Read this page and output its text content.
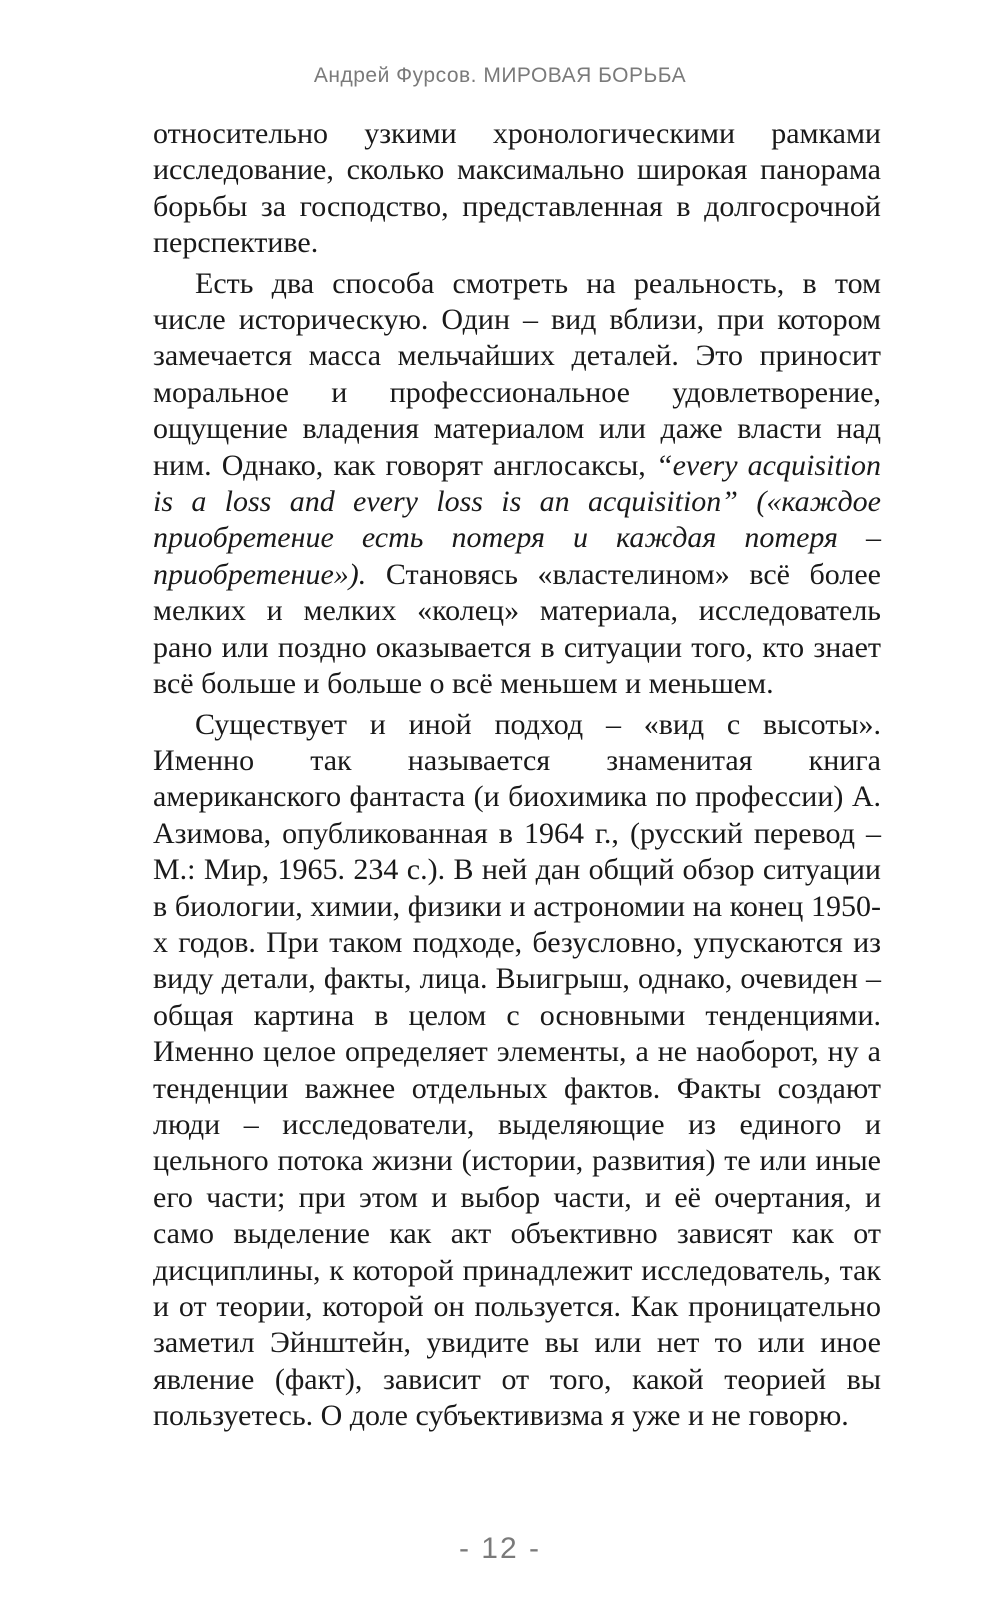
Андрей Фурсов. МИРОВАЯ БОРЬБА

относительно узкими хронологическими рамками исследование, сколько максимально широкая панорама борьбы за господство, представленная в долгосрочной перспективе.

Есть два способа смотреть на реальность, в том числе историческую. Один – вид вблизи, при котором замечается масса мельчайших деталей. Это приносит моральное и профессиональное удовлетворение, ощущение владения материалом или даже власти над ним. Однако, как говорят англосаксы, “every acquisition is a loss and every loss is an acquisition” («каждое приобретение есть потеря и каждая потеря – приобретение»). Становясь «властелином» всё более мелких и мелких «колец» материала, исследователь рано или поздно оказывается в ситуации того, кто знает всё больше и больше о всё меньшем и меньшем.

Существует и иной подход – «вид с высоты». Именно так называется знаменитая книга американского фантаста (и биохимика по профессии) А. Азимова, опубликованная в 1964 г., (русский перевод – М.: Мир, 1965. 234 с.). В ней дан общий обзор ситуации в биологии, химии, физики и астрономии на конец 1950-х годов. При таком подходе, безусловно, упускаются из виду детали, факты, лица. Выигрыш, однако, очевиден – общая картина в целом с основными тенденциями. Именно целое определяет элементы, а не наоборот, ну а тенденции важнее отдельных фактов. Факты создают люди – исследователи, выделяющие из единого и цельного потока жизни (истории, развития) те или иные его части; при этом и выбор части, и её очертания, и само выделение как акт объективно зависят как от дисциплины, к которой принадлежит исследователь, так и от теории, которой он пользуется. Как проницательно заметил Эйнштейн, увидите вы или нет то или иное явление (факт), зависит от того, какой теорией вы пользуетесь. О доле субъективизма я уже и не говорю.

- 12 -
